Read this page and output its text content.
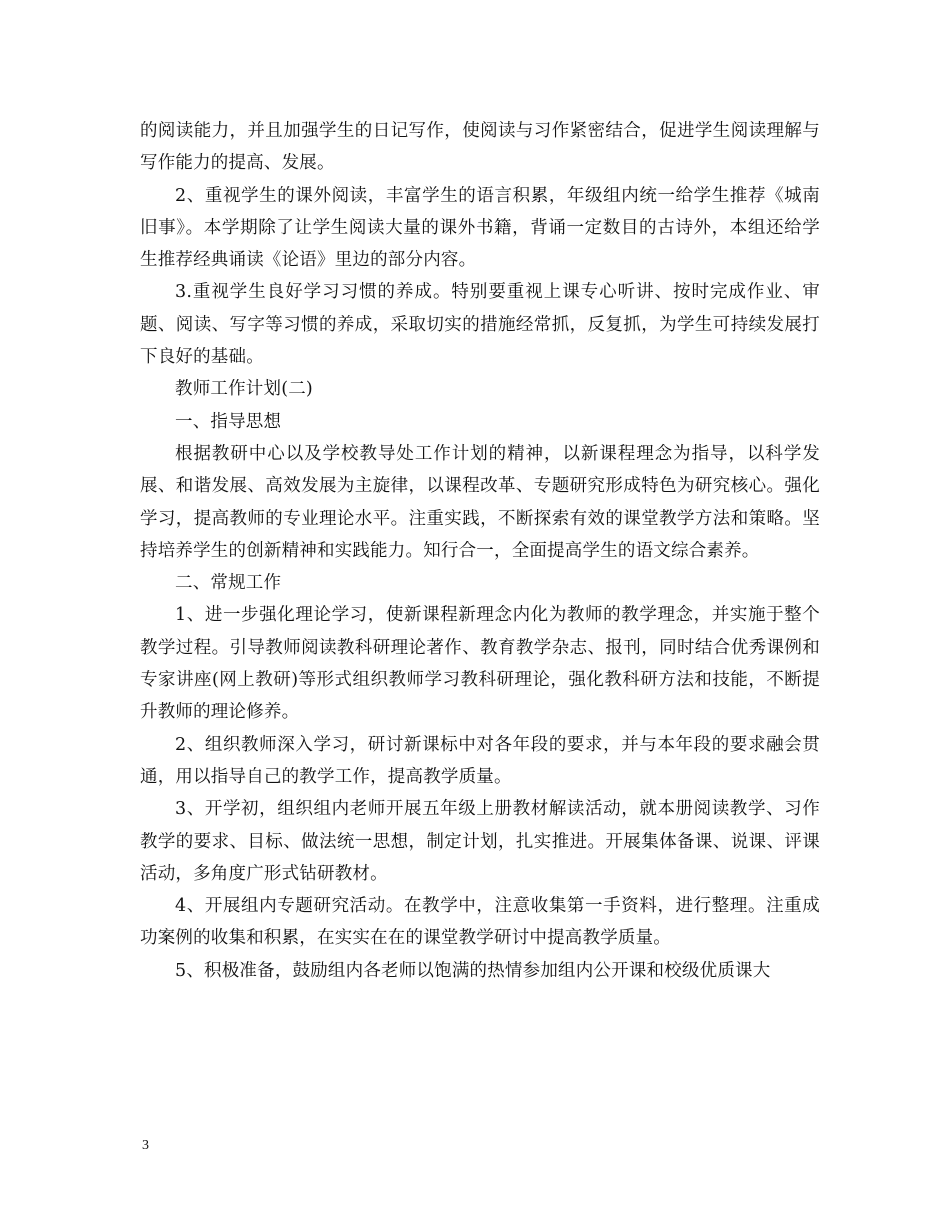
的阅读能力，并且加强学生的日记写作，使阅读与习作紧密结合，促进学生阅读理解与写作能力的提高、发展。

2、重视学生的课外阅读，丰富学生的语言积累，年级组内统一给学生推荐《城南旧事》。本学期除了让学生阅读大量的课外书籍，背诵一定数目的古诗外，本组还给学生推荐经典诵读《论语》里边的部分内容。

3.重视学生良好学习习惯的养成。特别要重视上课专心听讲、按时完成作业、审题、阅读、写字等习惯的养成，采取切实的措施经常抓，反复抓，为学生可持续发展打下良好的基础。

教师工作计划(二)

一、指导思想

根据教研中心以及学校教导处工作计划的精神，以新课程理念为指导，以科学发展、和谐发展、高效发展为主旋律，以课程改革、专题研究形成特色为研究核心。强化学习，提高教师的专业理论水平。注重实践，不断探索有效的课堂教学方法和策略。坚持培养学生的创新精神和实践能力。知行合一，全面提高学生的语文综合素养。

二、常规工作

1、进一步强化理论学习，使新课程新理念内化为教师的教学理念，并实施于整个教学过程。引导教师阅读教科研理论著作、教育教学杂志、报刊，同时结合优秀课例和专家讲座(网上教研)等形式组织教师学习教科研理论，强化教科研方法和技能，不断提升教师的理论修养。

2、组织教师深入学习，研讨新课标中对各年段的要求，并与本年段的要求融会贯通，用以指导自己的教学工作，提高教学质量。

3、开学初，组织组内老师开展五年级上册教材解读活动，就本册阅读教学、习作教学的要求、目标、做法统一思想，制定计划，扎实推进。开展集体备课、说课、评课活动，多角度广形式钻研教材。

4、开展组内专题研究活动。在教学中，注意收集第一手资料，进行整理。注重成功案例的收集和积累，在实实在在的课堂教学研讨中提高教学质量。

5、积极准备，鼓励组内各老师以饱满的热情参加组内公开课和校级优质课大

3
